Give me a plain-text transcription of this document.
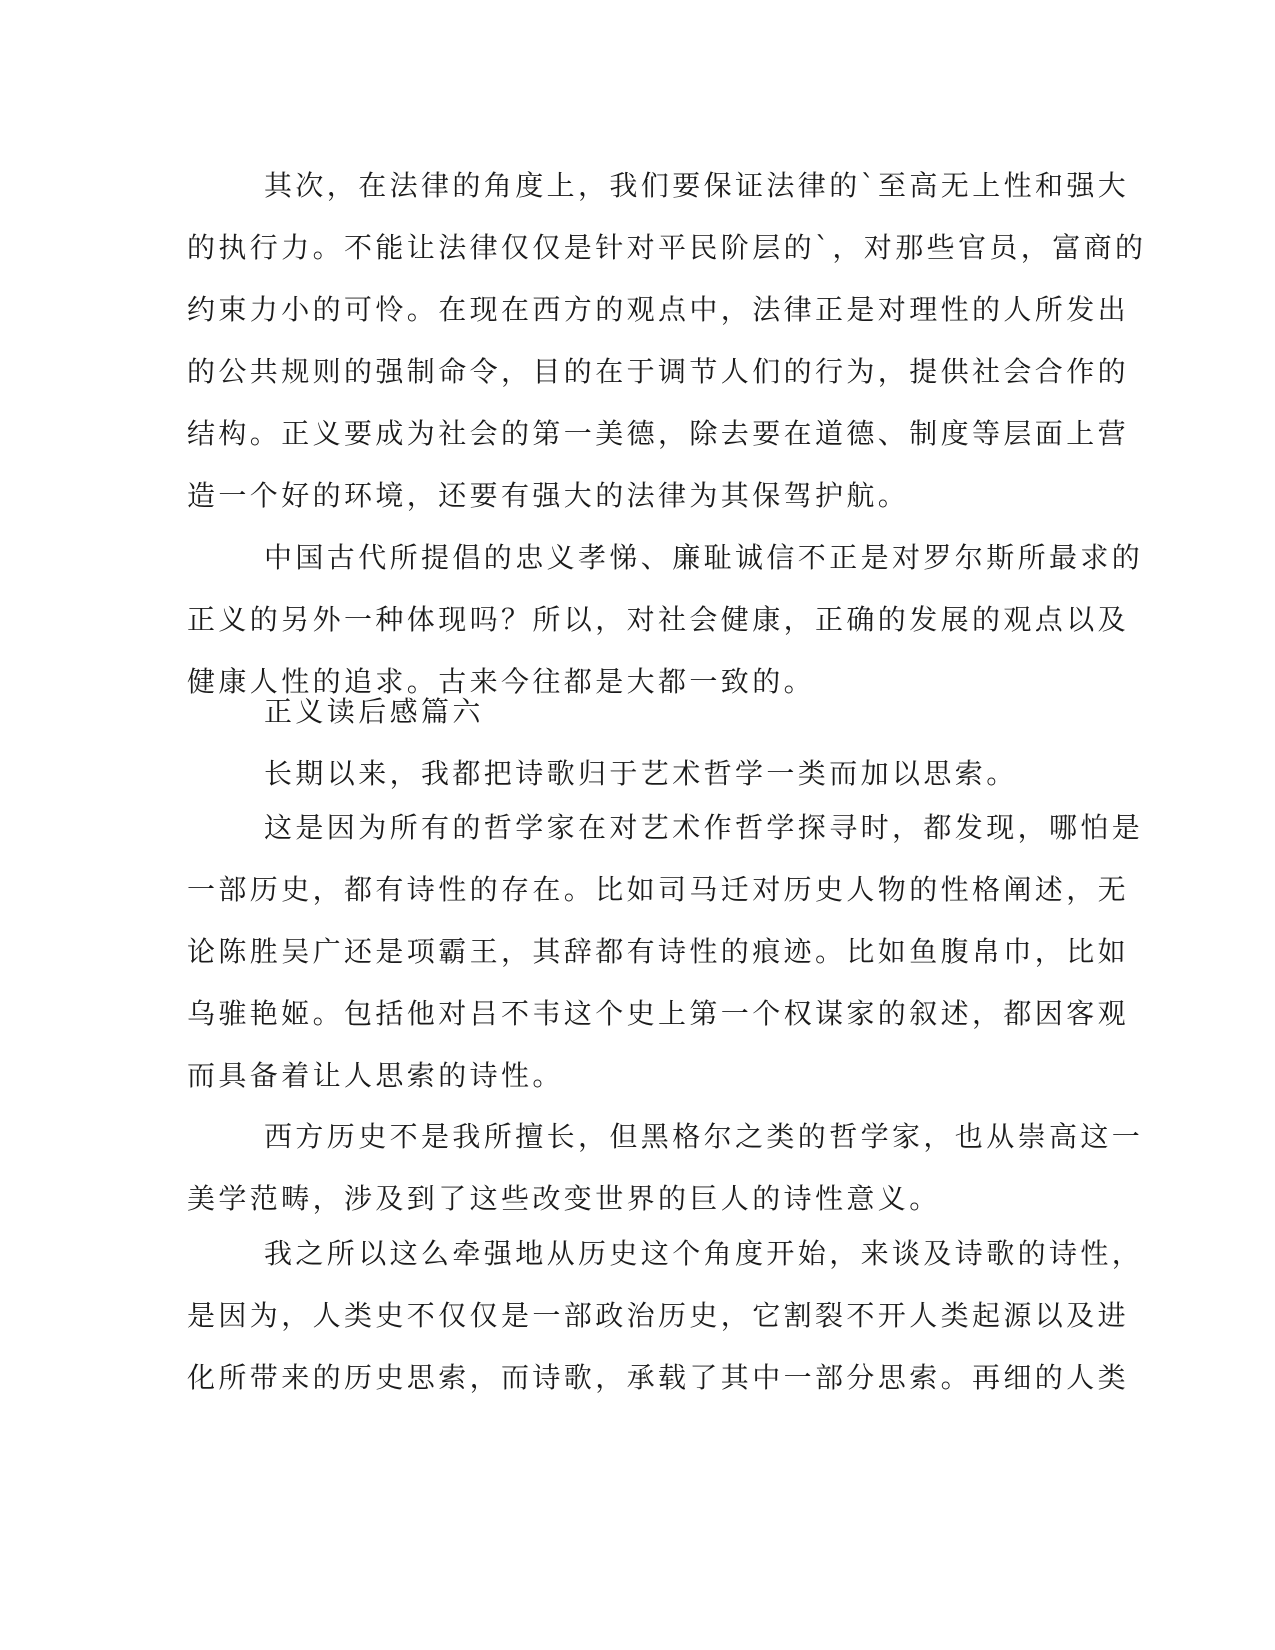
其次，在法律的角度上，我们要保证法律的`至高无上性和强大
的执行力。不能让法律仅仅是针对平民阶层的`，对那些官员，富商的
约束力小的可怜。在现在西方的观点中，法律正是对理性的人所发出
的公共规则的强制命令，目的在于调节人们的行为，提供社会合作的
结构。正义要成为社会的第一美德，除去要在道德、制度等层面上营
造一个好的环境，还要有强大的法律为其保驾护航。
中国古代所提倡的忠义孝悌、廉耻诚信不正是对罗尔斯所最求的
正义的另外一种体现吗？所以，对社会健康，正确的发展的观点以及
健康人性的追求。古来今往都是大都一致的。
正义读后感篇六
长期以来，我都把诗歌归于艺术哲学一类而加以思索。
这是因为所有的哲学家在对艺术作哲学探寻时，都发现，哪怕是
一部历史，都有诗性的存在。比如司马迁对历史人物的性格阐述，无
论陈胜吴广还是项霸王，其辞都有诗性的痕迹。比如鱼腹帛巾，比如
乌骓艳姬。包括他对吕不韦这个史上第一个权谋家的叙述，都因客观
而具备着让人思索的诗性。
西方历史不是我所擅长，但黑格尔之类的哲学家，也从崇高这一
美学范畴，涉及到了这些改变世界的巨人的诗性意义。
我之所以这么牵强地从历史这个角度开始，来谈及诗歌的诗性，
是因为，人类史不仅仅是一部政治历史，它割裂不开人类起源以及进
化所带来的历史思索，而诗歌，承载了其中一部分思索。再细的人类
